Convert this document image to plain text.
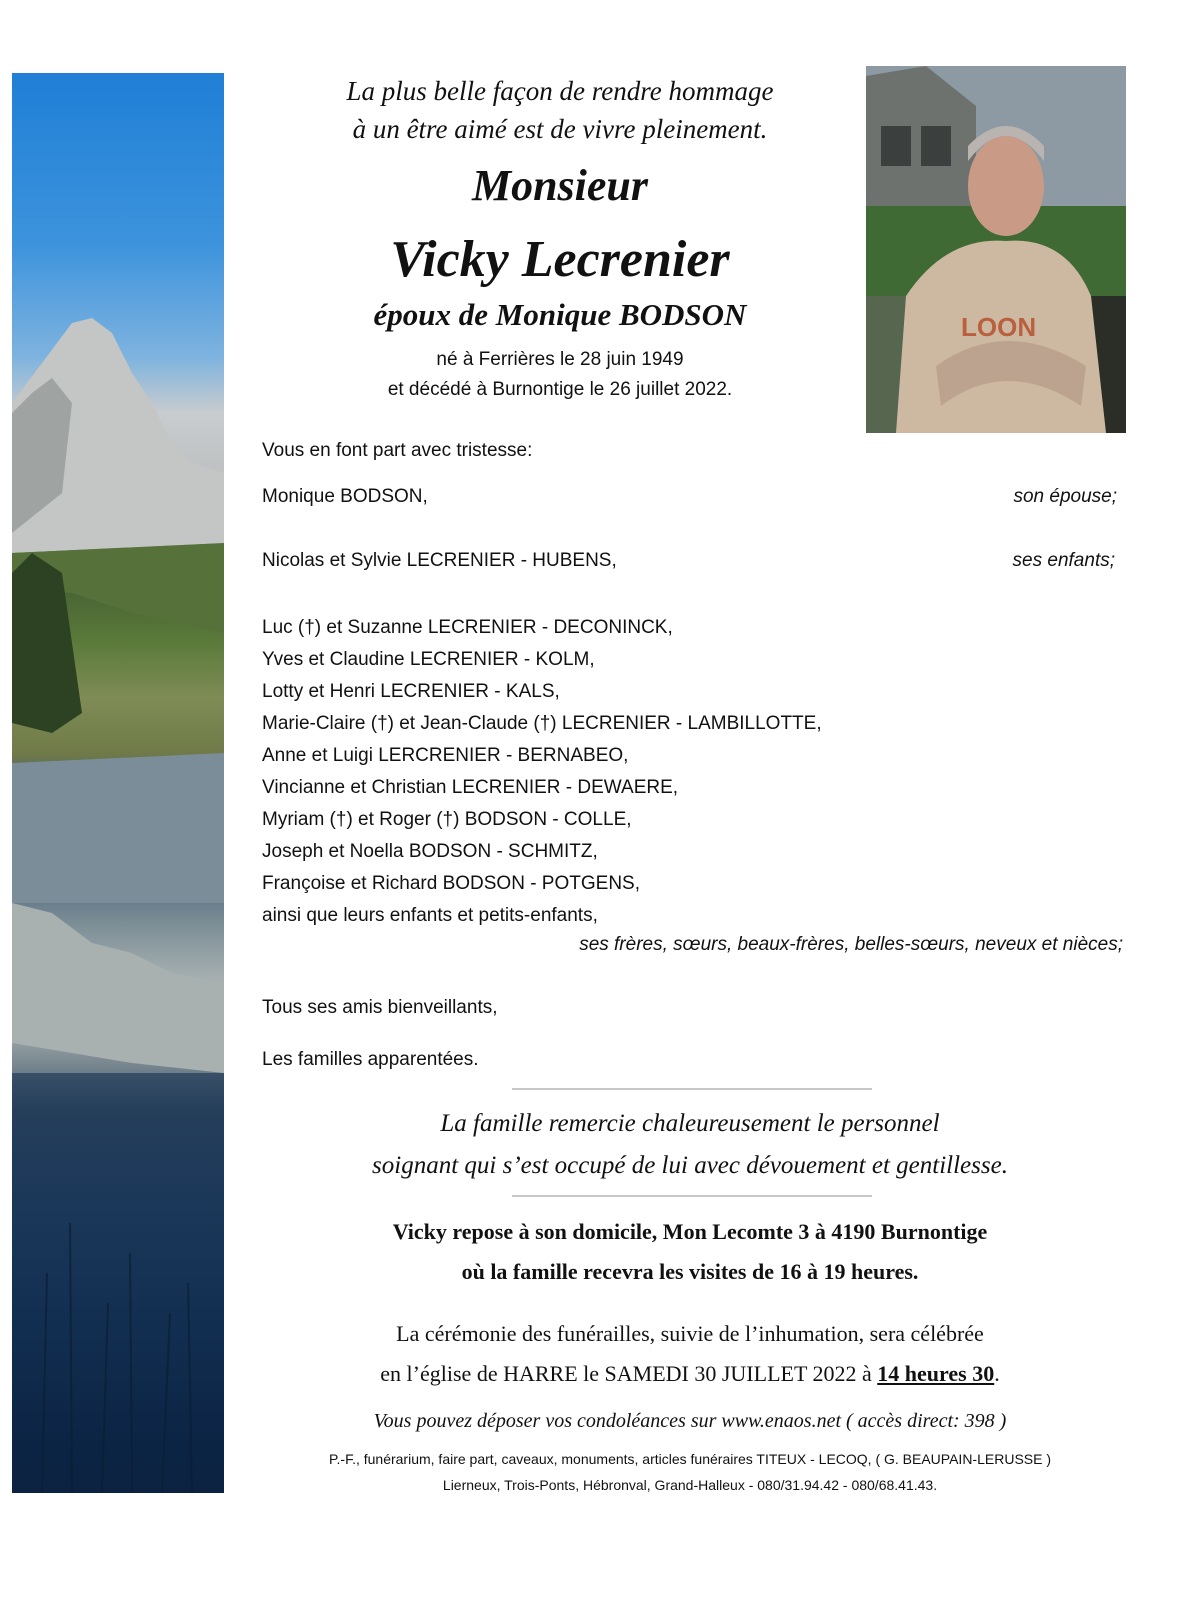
LOON
La plus belle façon de rendre hommage
à un être aimé est de vivre pleinement.
Monsieur
Vicky Lecrenier
époux de Monique BODSON
né à Ferrières le 28 juin 1949
et décédé à Burnontige le 26 juillet 2022.
Vous en font part avec tristesse:
Monique BODSON,	son épouse;
Nicolas et Sylvie LECRENIER - HUBENS,	ses enfants;
Luc (†) et Suzanne LECRENIER - DECONINCK,
Yves et Claudine LECRENIER - KOLM,
Lotty et Henri LECRENIER - KALS,
Marie-Claire (†) et Jean-Claude (†) LECRENIER - LAMBILLOTTE,
Anne et Luigi LERCRENIER - BERNABEO,
Vincianne et Christian LECRENIER - DEWAERE,
Myriam (†) et Roger (†) BODSON - COLLE,
Joseph et Noella BODSON - SCHMITZ,
Françoise et Richard BODSON - POTGENS,
ainsi que leurs enfants et petits-enfants,
ses frères, sœurs, beaux-frères, belles-sœurs, neveux et nièces;
Tous ses amis bienveillants,
Les familles apparentées.
La famille remercie chaleureusement le personnel
soignant qui s’est occupé de lui avec dévouement et gentillesse.
Vicky repose à son domicile, Mon Lecomte 3 à 4190 Burnontige
où la famille recevra les visites de 16 à 19 heures.
La cérémonie des funérailles, suivie de l’inhumation, sera célébrée
en l’église de HARRE le SAMEDI 30 JUILLET 2022 à 14 heures 30.
Vous pouvez déposer vos condoléances sur www.enaos.net ( accès direct: 398 )
P.-F., funérarium, faire part, caveaux, monuments, articles funéraires TITEUX - LECOQ, ( G. BEAUPAIN-LERUSSE )
Lierneux, Trois-Ponts, Hébronval, Grand-Halleux - 080/31.94.42 - 080/68.41.43.
